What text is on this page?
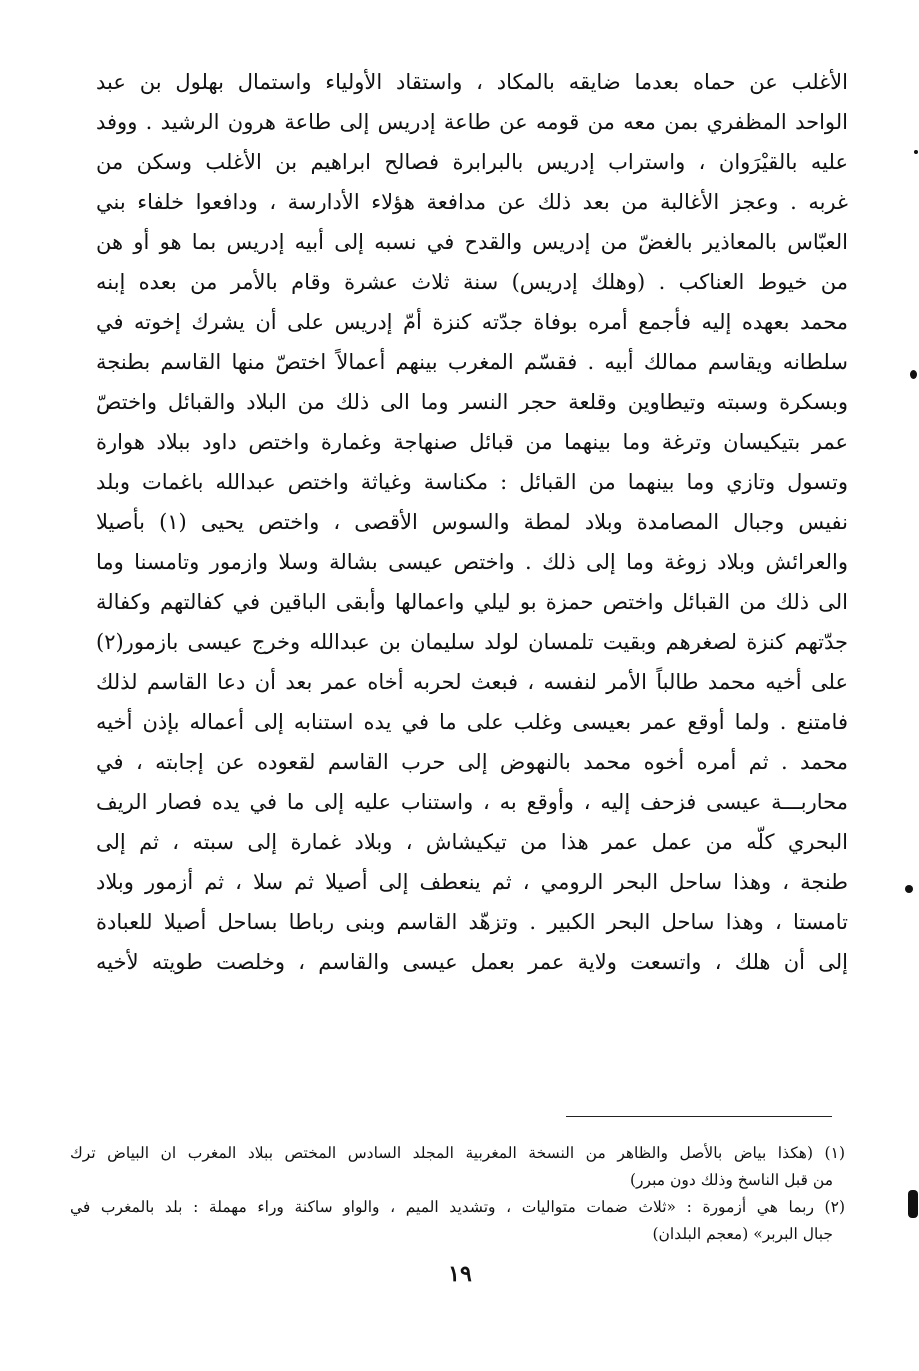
الأغلب عن حماه بعدما ضايقه بالمكاد ، واستقاد الأولياء واستمال بهلول بن عبد
الواحد المظفري بمن معه من قومه عن طاعة إدريس إلى طاعة هرون الرشيد . ووفد
عليه بالقيْرَوان ، واستراب إدريس بالبرابرة فصالح ابراهيم بن الأغلب وسكن من
غربه . وعجز الأغالبة من بعد ذلك عن مدافعة هؤلاء الأدارسة ، ودافعوا خلفاء بني
العبّاس بالمعاذير بالغضّ من إدريس والقدح في نسبه إلى أبيه إدريس بما هو أو هن
من خيوط العناكب . (وهلك إدريس) سنة ثلاث عشرة وقام بالأمر من بعده إبنه
محمد بعهده إليه فأجمع أمره بوفاة جدّته كنزة أمّ إدريس على أن يشرك إخوته في
سلطانه ويقاسم ممالك أبيه . فقسّم المغرب بينهم أعمالاً اختصّ منها القاسم بطنجة
وبسكرة وسبته وتيطاوين وقلعة حجر النسر وما الى ذلك من البلاد والقبائل واختصّ
عمر بتيكيسان وترغة وما بينهما من قبائل صنهاجة وغمارة واختص داود ببلاد هوارة
وتسول وتازي وما بينهما من القبائل : مكناسة وغياثة واختص عبدالله باغمات وبلد
نفيس وجبال المصامدة وبلاد لمطة والسوس الأقصى ، واختص يحيى (١) بأصيلا
والعرائش وبلاد زوغة وما إلى ذلك . واختص عيسى بشالة وسلا وازمور وتامسنا وما
الى ذلك من القبائل واختص حمزة بو ليلي واعمالها وأبقى الباقين في كفالتهم وكفالة
جدّتهم كنزة لصغرهم وبقيت تلمسان لولد سليمان بن عبدالله وخرج عيسى بازمور(٢)
على أخيه محمد طالباً الأمر لنفسه ، فبعث لحربه أخاه عمر بعد أن دعا القاسم لذلك
فامتنع . ولما أوقع عمر بعيسى وغلب على ما في يده استنابه إلى أعماله بإذن أخيه
محمد . ثم أمره أخوه محمد بالنهوض إلى حرب القاسم لقعوده عن إجابته ، في
محاربـــة عيسى فزحف إليه ، وأوقع به ، واستناب عليه إلى ما في يده فصار الريف
البحري كلّه من عمل عمر هذا من تيكيشاش ، وبلاد غمارة إلى سبته ، ثم إلى
طنجة ، وهذا ساحل البحر الرومي ، ثم ينعطف إلى أصيلا ثم سلا ، ثم أزمور وبلاد
تامستا ، وهذا ساحل البحر الكبير . وتزهّد القاسم وبنى رباطا بساحل أصيلا للعبادة
إلى أن هلك ، واتسعت ولاية عمر بعمل عيسى والقاسم ، وخلصت طويته لأخيه
(١) (هكذا بياض بالأصل والظاهر من النسخة المغربية المجلد السادس المختص ببلاد المغرب ان البياض ترك
من قبل الناسخ وذلك دون مبرر)
(٢) ربما هي أزمورة : «ثلاث ضمات متواليات ، وتشديد الميم ، والواو ساكنة وراء مهملة : بلد بالمغرب في
جبال البربر» (معجم البلدان)
١٩
